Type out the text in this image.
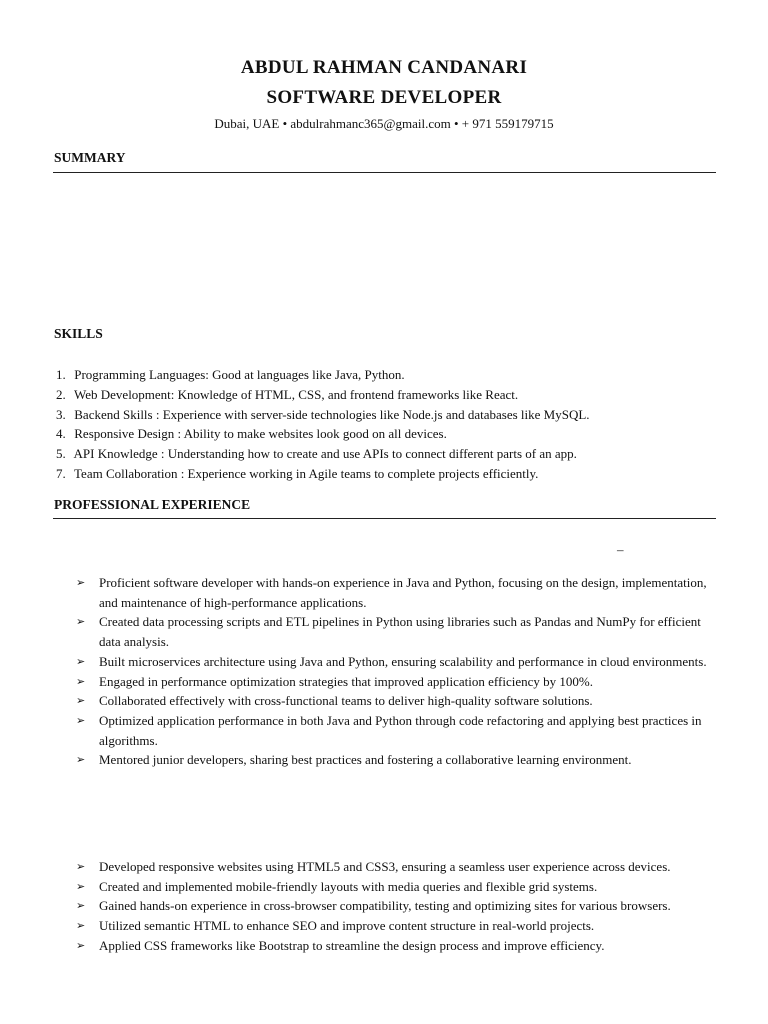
ABDUL RAHMAN CANDANARI
SOFTWARE DEVELOPER
Dubai, UAE • abdulrahmanc365@gmail.com • + 971 559179715
SUMMARY
SKILLS
1. Programming Languages: Good at languages like Java, Python.
2. Web Development: Knowledge of HTML, CSS, and frontend frameworks like React.
3. Backend Skills : Experience with server-side technologies like Node.js and databases like MySQL.
4. Responsive Design : Ability to make websites look good on all devices.
5. API Knowledge : Understanding how to create and use APIs to connect different parts of an app.
7. Team Collaboration : Experience working in Agile teams to complete projects efficiently.
PROFESSIONAL EXPERIENCE
–
➢ Proficient software developer with hands-on experience in Java and Python, focusing on the design, implementation, and maintenance of high-performance applications.
➢ Created data processing scripts and ETL pipelines in Python using libraries such as Pandas and NumPy for efficient data analysis.
➢ Built microservices architecture using Java and Python, ensuring scalability and performance in cloud environments.
➢ Engaged in performance optimization strategies that improved application efficiency by 100%.
➢ Collaborated effectively with cross-functional teams to deliver high-quality software solutions.
➢ Optimized application performance in both Java and Python through code refactoring and applying best practices in algorithms.
➢ Mentored junior developers, sharing best practices and fostering a collaborative learning environment.
➢ Developed responsive websites using HTML5 and CSS3, ensuring a seamless user experience across devices.
➢ Created and implemented mobile-friendly layouts with media queries and flexible grid systems.
➢ Gained hands-on experience in cross-browser compatibility, testing and optimizing sites for various browsers.
➢ Utilized semantic HTML to enhance SEO and improve content structure in real-world projects.
➢ Applied CSS frameworks like Bootstrap to streamline the design process and improve efficiency.
